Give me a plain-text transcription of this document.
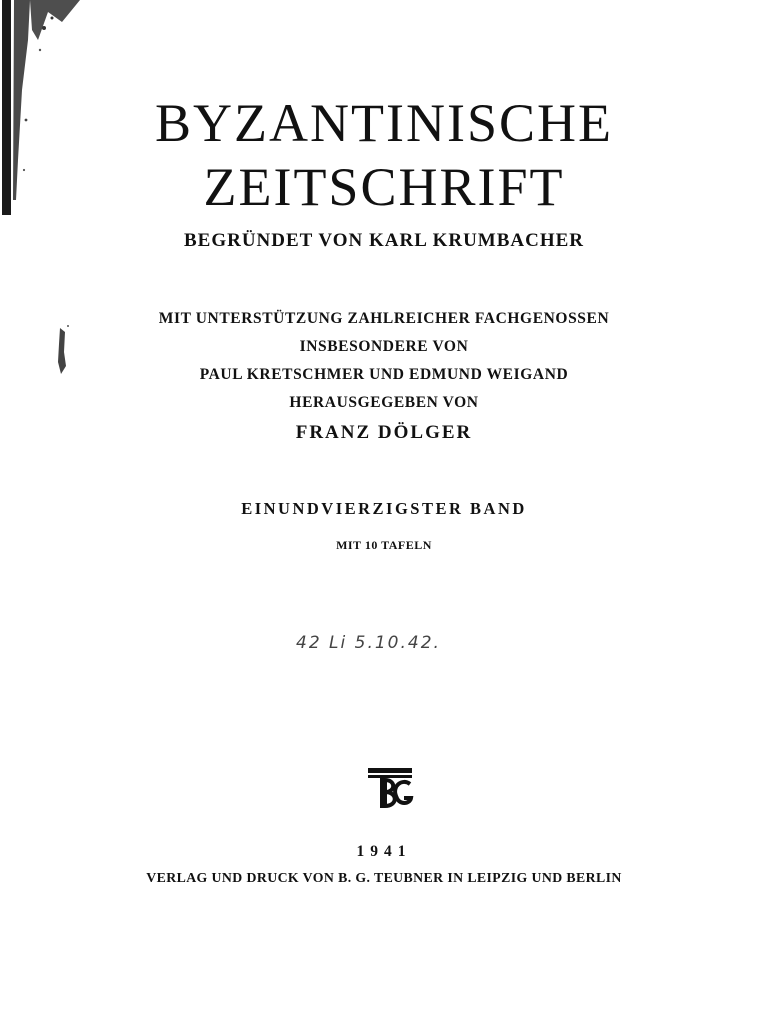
BYZANTINISCHE
ZEITSCHRIFT
BEGRÜNDET VON KARL KRUMBACHER
MIT UNTERSTÜTZUNG ZAHLREICHER FACHGENOSSEN
INSBESONDERE VON
PAUL KRETSCHMER UND EDMUND WEIGAND
HERAUSGEGEBEN VON
FRANZ DÖLGER
EINUNDVIERZIGSTER BAND
MIT 10 TAFELN
42 Li 5.10.42.
1941
VERLAG UND DRUCK VON B. G. TEUBNER IN LEIPZIG UND BERLIN
